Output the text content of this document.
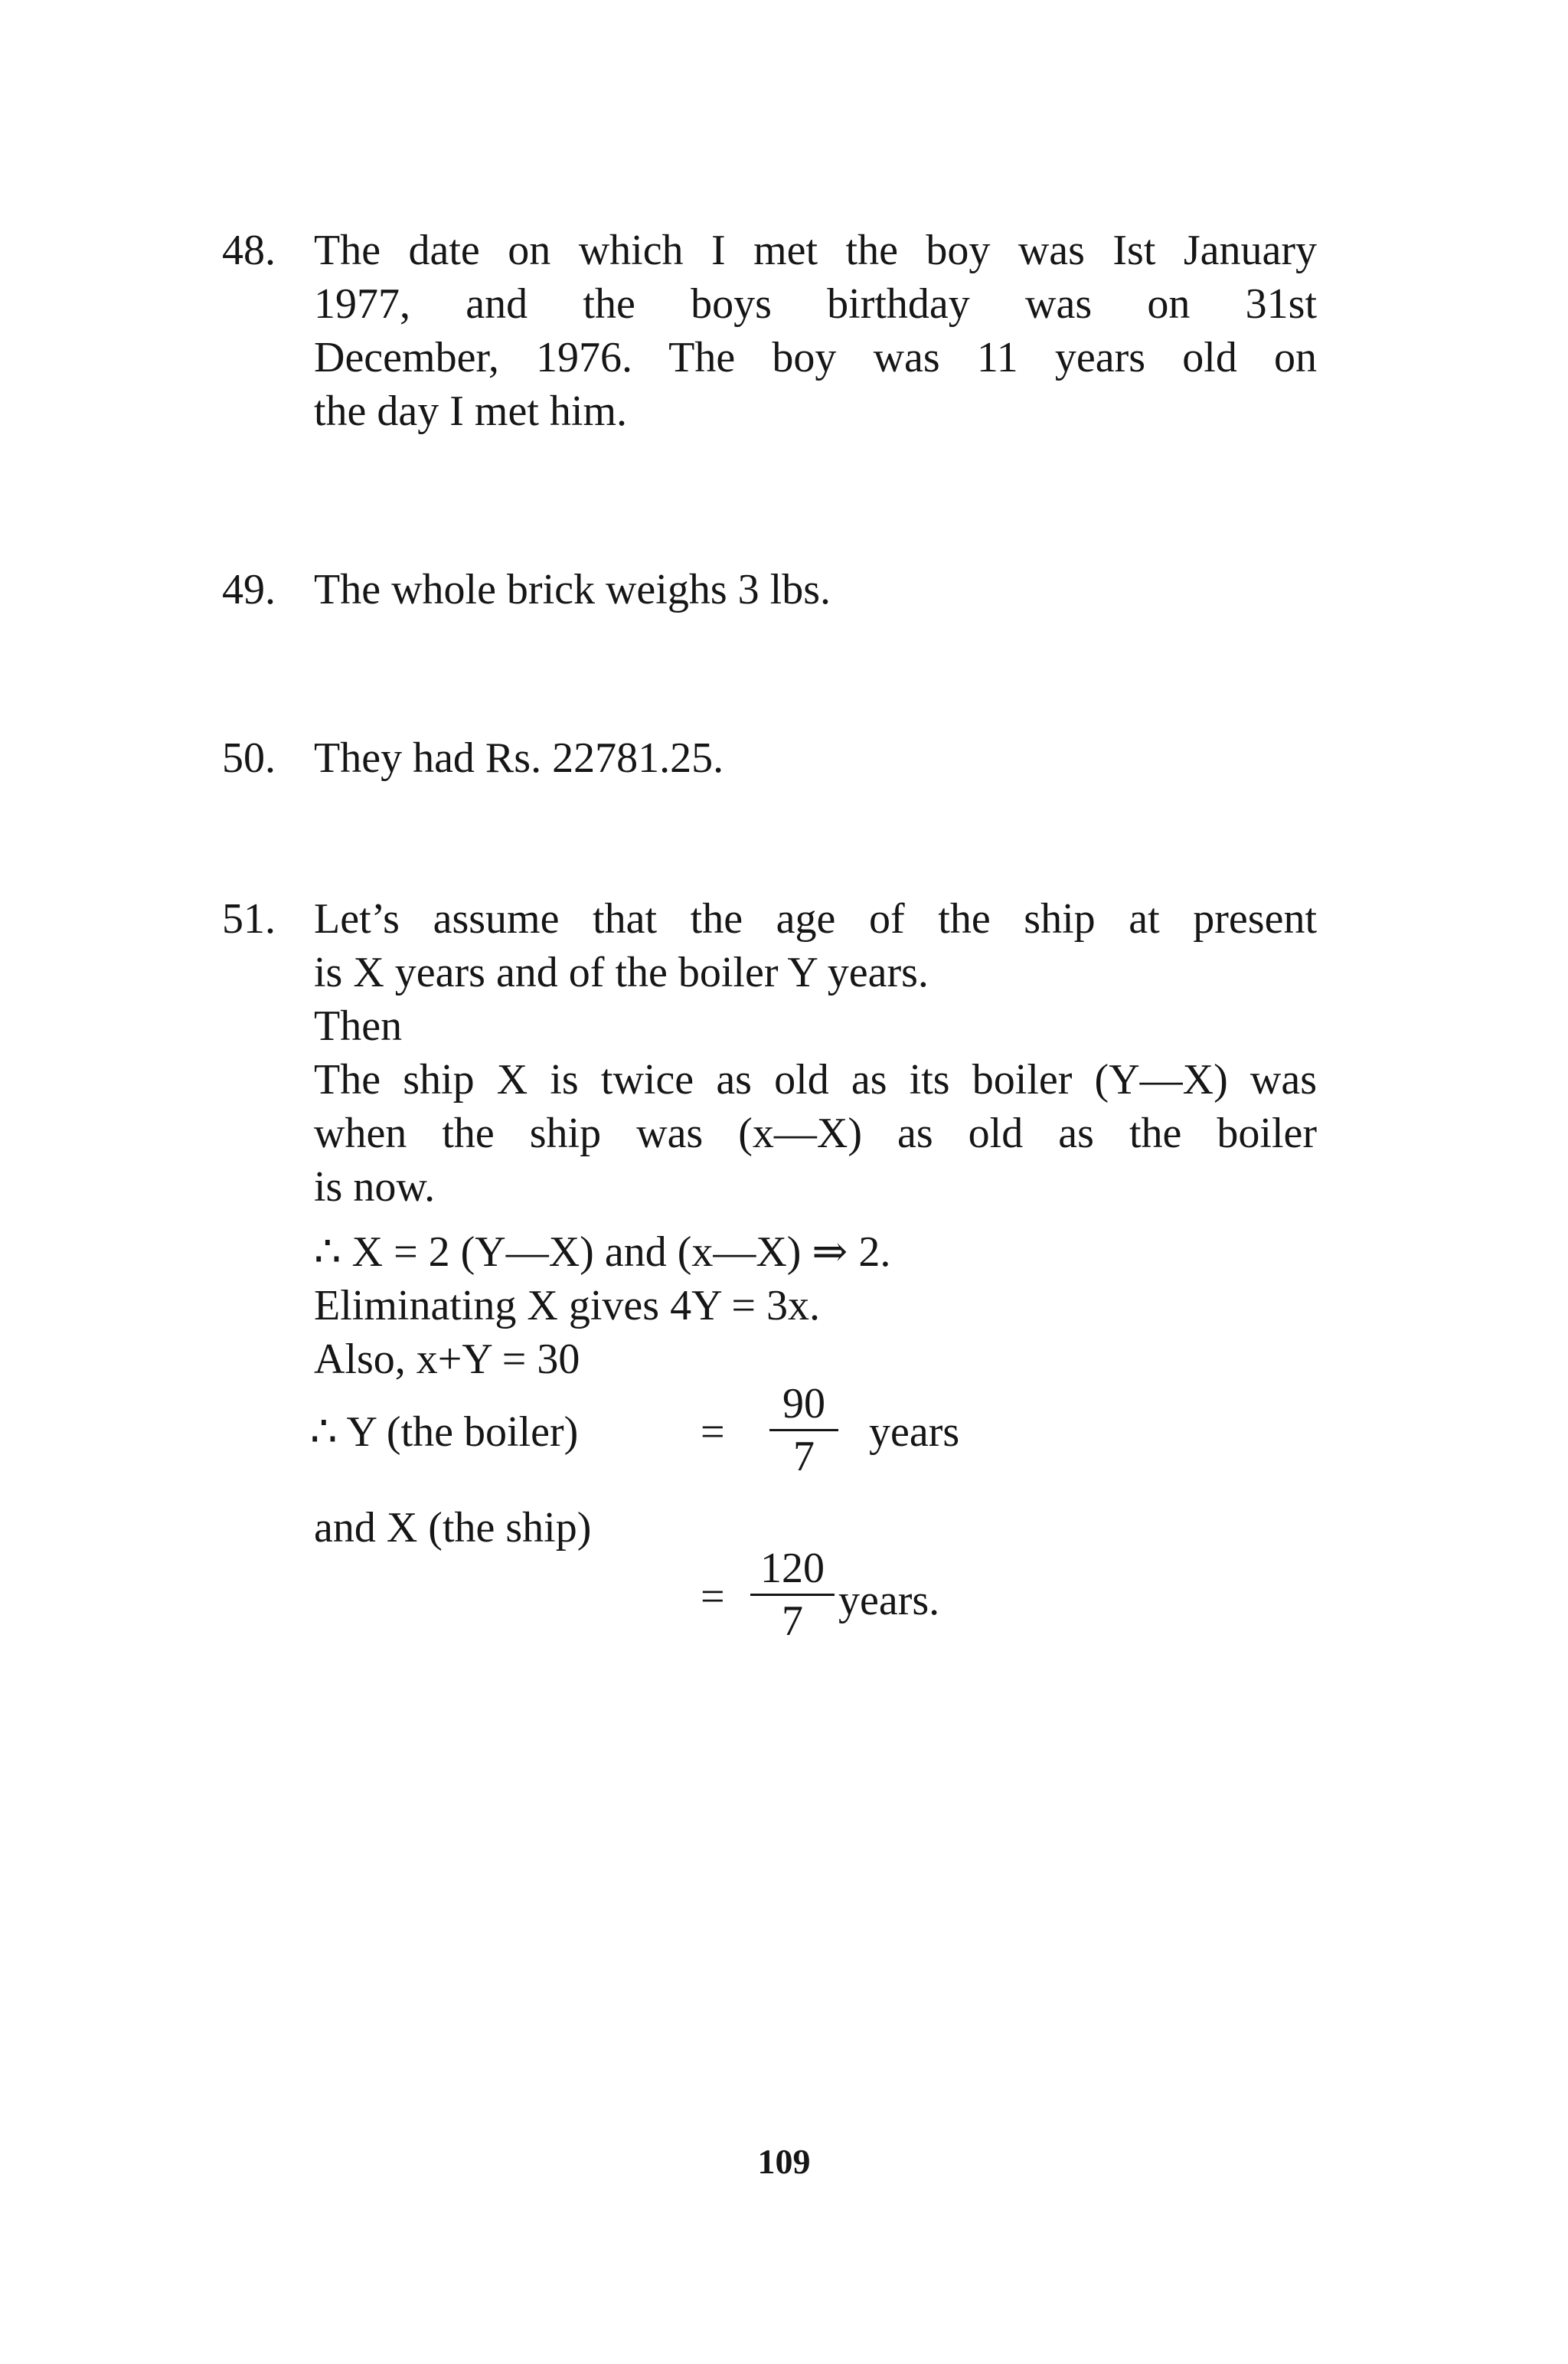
48. The date on which I met the boy was Ist January
1977, and the boys birthday was on 31st
December, 1976. The boy was 11 years old on
the day I met him.
49. The whole brick weighs 3 lbs.
50. They had Rs. 22781.25.
51. Let’s assume that the age of the ship at present
is X years and of the boiler Y years.
Then
The ship X is twice as old as its boiler (Y—X) was
when the ship was (x—X) as old as the boiler
is now.
∴ X = 2 (Y—X) and (x—X) ⇒ 2.
Eliminating X gives 4Y = 3x.
Also, x+Y = 30
∴ Y (the boiler)	= $\frac{90}{7}$ years
and X (the ship)
= $\frac{120}{7}$ years.
109
